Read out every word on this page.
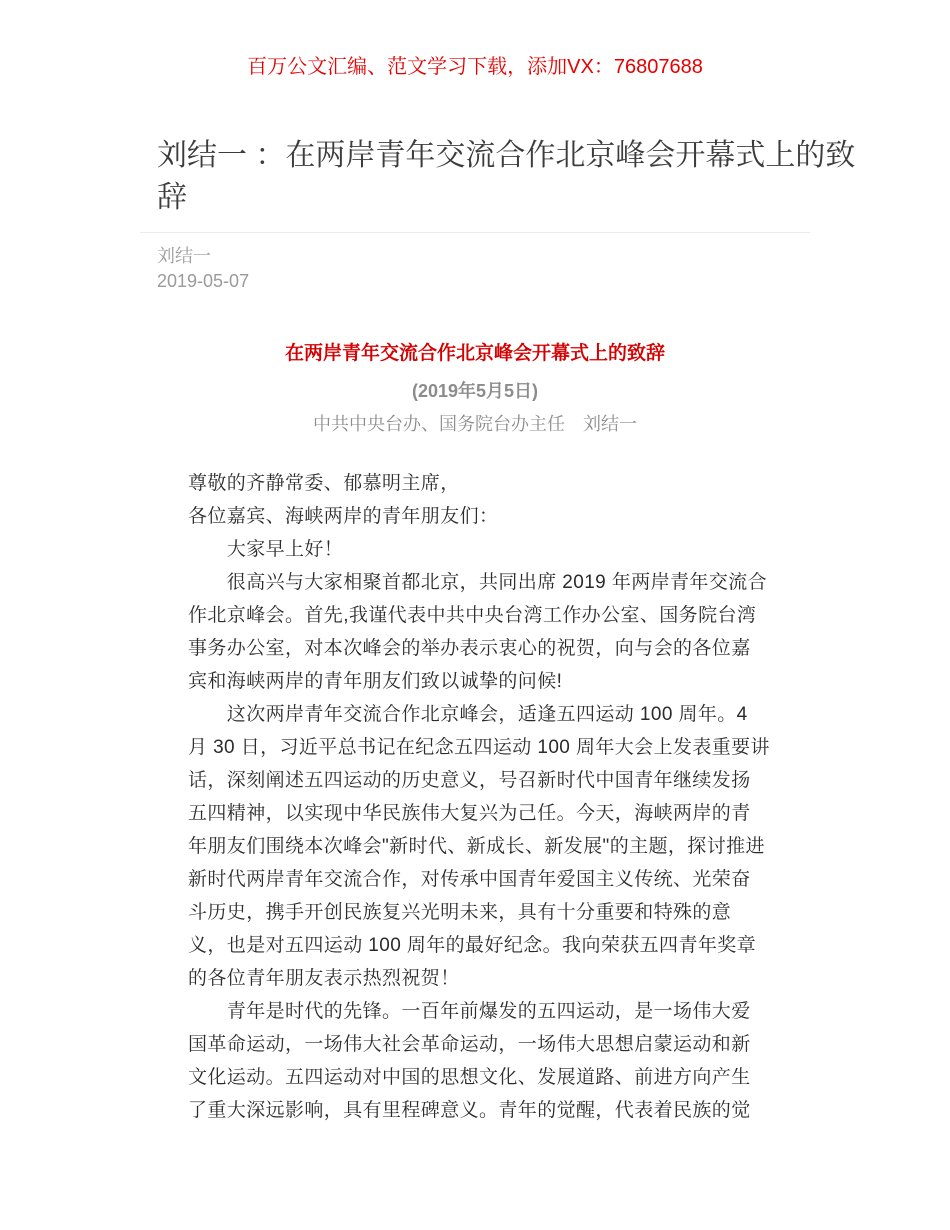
百万公文汇编、范文学习下载，添加VX：76807688
刘结一 ：在两岸青年交流合作北京峰会开幕式上的致
辞
刘结一
2019-05-07
在两岸青年交流合作北京峰会开幕式上的致辞
(2019年5月5日)
中共中央台办、国务院台办主任　刘结一
尊敬的齐静常委、郁慕明主席，
各位嘉宾、海峡两岸的青年朋友们：
　　大家早上好！
　　很高兴与大家相聚首都北京，共同出席 2019 年两岸青年交流合
作北京峰会。首先,我谨代表中共中央台湾工作办公室、国务院台湾
事务办公室，对本次峰会的举办表示衷心的祝贺，向与会的各位嘉
宾和海峡两岸的青年朋友们致以诚挚的问候!
　　这次两岸青年交流合作北京峰会，适逢五四运动 100 周年。4
月 30 日，习近平总书记在纪念五四运动 100 周年大会上发表重要讲
话，深刻阐述五四运动的历史意义，号召新时代中国青年继续发扬
五四精神，以实现中华民族伟大复兴为己任。今天，海峡两岸的青
年朋友们围绕本次峰会"新时代、新成长、新发展"的主题，探讨推进
新时代两岸青年交流合作，对传承中国青年爱国主义传统、光荣奋
斗历史，携手开创民族复兴光明未来，具有十分重要和特殊的意
义，也是对五四运动 100 周年的最好纪念。我向荣获五四青年奖章
的各位青年朋友表示热烈祝贺！
　　青年是时代的先锋。一百年前爆发的五四运动，是一场伟大爱
国革命运动，一场伟大社会革命运动，一场伟大思想启蒙运动和新
文化运动。五四运动对中国的思想文化、发展道路、前进方向产生
了重大深远影响，具有里程碑意义。青年的觉醒，代表着民族的觉
